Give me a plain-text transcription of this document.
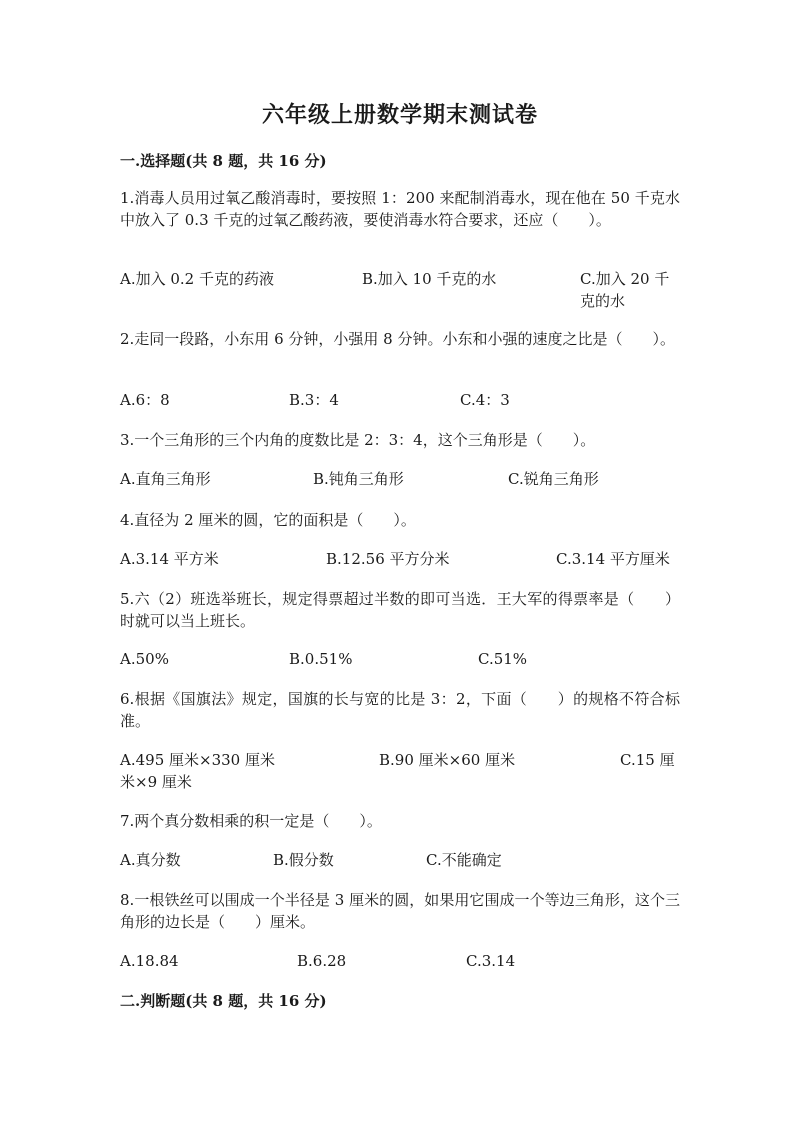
六年级上册数学期末测试卷
一.选择题(共 8 题，共 16 分)
1.消毒人员用过氧乙酸消毒时，要按照 1：200 来配制消毒水，现在他在 50 千克水中放入了 0.3 千克的过氧乙酸药液，要使消毒水符合要求，还应（　　）。
A.加入 0.2 千克的药液	B.加入 10 千克的水	C.加入 20 千克的水
2.走同一段路，小东用 6 分钟，小强用 8 分钟。小东和小强的速度之比是（　　）。
A.6：8	B.3：4	C.4：3
3.一个三角形的三个内角的度数比是 2：3：4，这个三角形是（　　）。
A.直角三角形	B.钝角三角形	C.锐角三角形
4.直径为 2 厘米的圆，它的面积是（　　）。
A.3.14 平方米	B.12.56 平方分米	C.3.14 平方厘米
5.六（2）班选举班长，规定得票超过半数的即可当选．王大军的得票率是（　　）时就可以当上班长。
A.50%	B.0.51%	C.51%
6.根据《国旗法》规定，国旗的长与宽的比是 3：2，下面（　　）的规格不符合标准。
A.495 厘米×330 厘米	B.90 厘米×60 厘米	C.15 厘米×9 厘米
7.两个真分数相乘的积一定是（　　）。
A.真分数	B.假分数	C.不能确定
8.一根铁丝可以围成一个半径是 3 厘米的圆，如果用它围成一个等边三角形，这个三角形的边长是（　　）厘米。
A.18.84	B.6.28	C.3.14
二.判断题(共 8 题，共 16 分)
